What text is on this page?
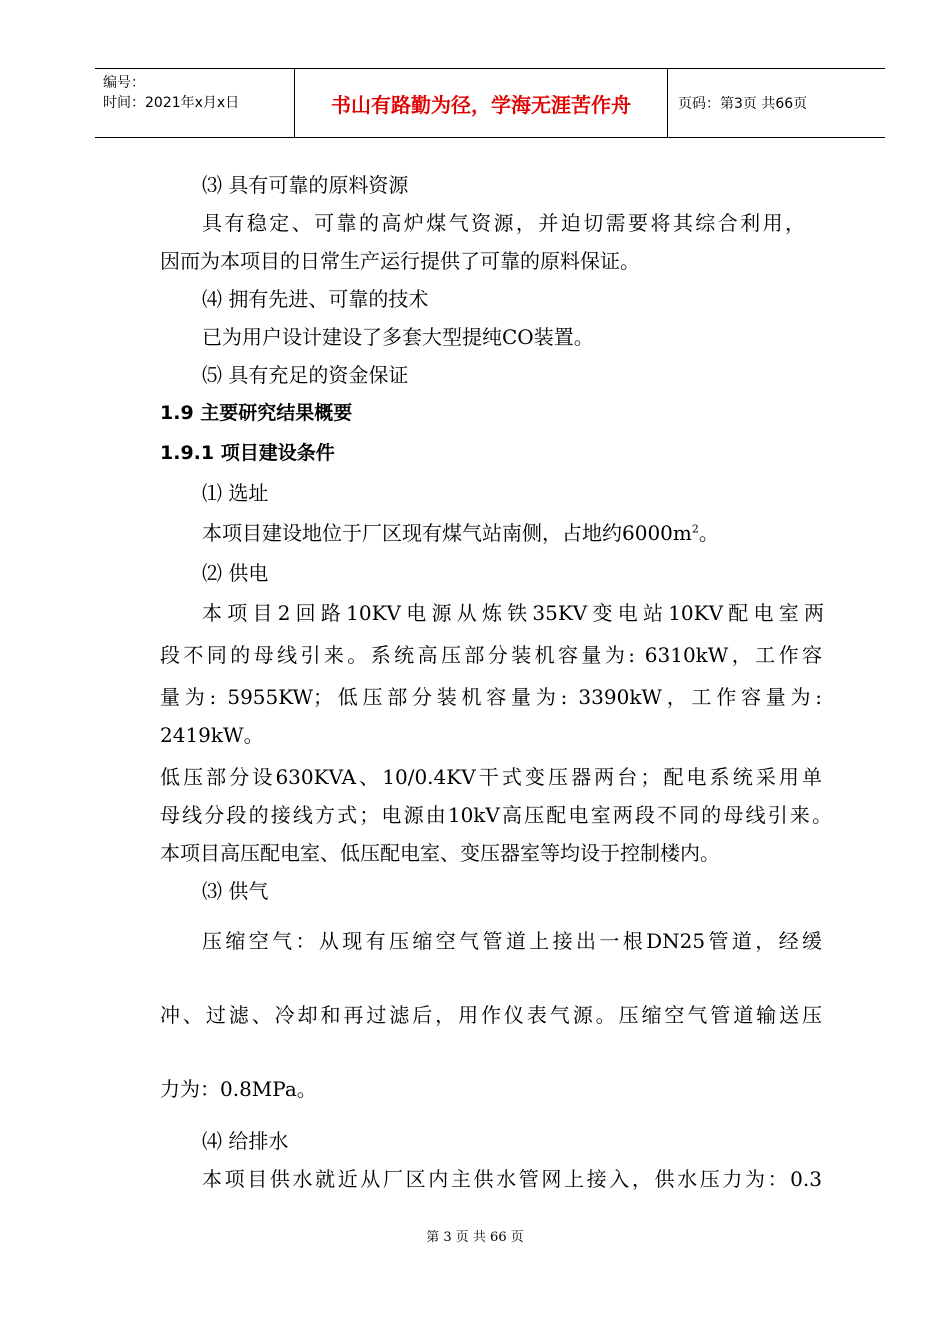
编号：
时间：2021年x月x日	书山有路勤为径，学海无涯苦作舟	页码：第3页 共66页
⑶ 具有可靠的原料资源
具有稳定、可靠的高炉煤气资源，并迫切需要将其综合利用，
因而为本项目的日常生产运行提供了可靠的原料保证。
⑷ 拥有先进、可靠的技术
已为用户设计建设了多套大型提纯CO装置。
⑸ 具有充足的资金保证
1.9 主要研究结果概要
1.9.1 项目建设条件
⑴ 选址
本项目建设地位于厂区现有煤气站南侧，占地约$6000m^2$。
⑵ 供电
本项目2回路10KV电源从炼铁35KV变电站10KV配电室两
段不同的母线引来。系统高压部分装机容量为: 6310kW，工作容
量为: 5955KW；低压部分装机容量为: 3390kW，工作容量为:
2419kW。
低压部分设630KVA、10/0.4KV干式变压器两台；配电系统采用单
母线分段的接线方式；电源由10kV高压配电室两段不同的母线引来。
本项目高压配电室、低压配电室、变压器室等均设于控制楼内。
⑶ 供气
压缩空气：从现有压缩空气管道上接出一根DN25管道，经缓
冲、过滤、冷却和再过滤后，用作仪表气源。压缩空气管道输送压
力为：0.8MPa。
⑷ 给排水
本项目供水就近从厂区内主供水管网上接入，供水压力为：0.3
第 3 页 共 66 页
